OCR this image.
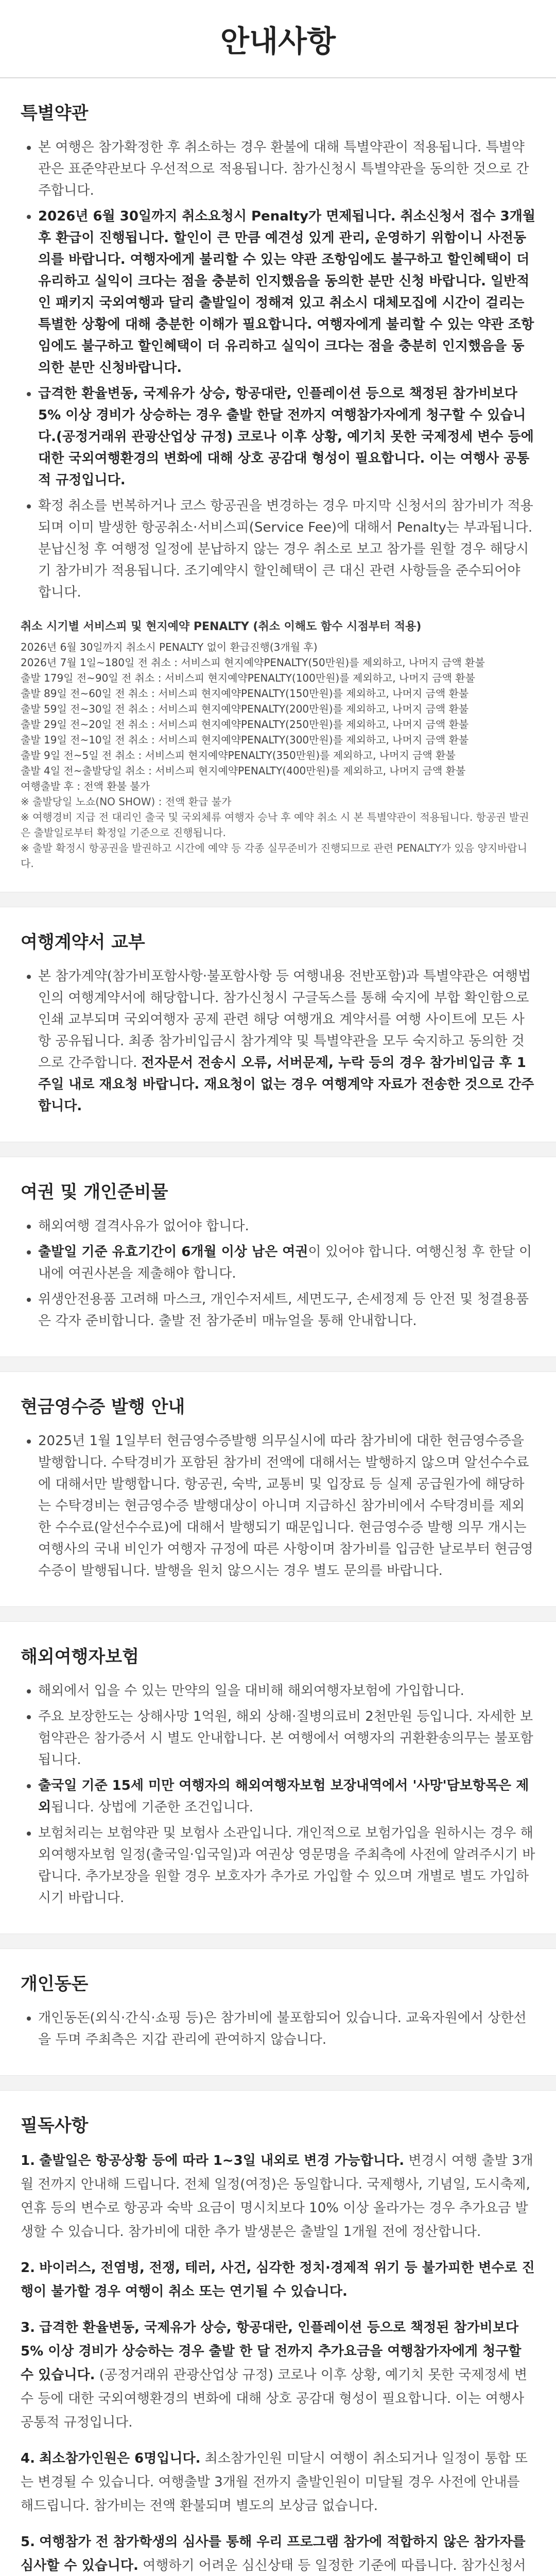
안내사항
특별약관
• 본 여행은 참가확정한 후 취소하는 경우 환불에 대해 특별약관이 적용됩니다. 특별약관은 표준약관보다 우선적으로 적용됩니다. 참가신청시 특별약관을 동의한 것으로 간주합니다.
• 2026년 6월 30일까지 취소요청시 Penalty가 면제됩니다. 취소신청서 접수 3개월 후 환급이 진행됩니다. 할인이 큰 만큼 예견성 있게 관리, 운영하기 위함이니 사전동의를 바랍니다. 여행자에게 불리할 수 있는 약관 조항임에도 불구하고 할인혜택이 더 유리하고 실익이 크다는 점을 충분히 인지했음을 동의한 분만 신청 바랍니다. 일반적인 패키지 국외여행과 달리 출발일이 정해져 있고 취소시 대체모집에 시간이 걸리는 특별한 상황에 대해 충분한 이해가 필요합니다. 여행자에게 불리할 수 있는 약관 조항임에도 불구하고 할인혜택이 더 유리하고 실익이 크다는 점을 충분히 인지했음을 동의한 분만 신청바랍니다.
• 급격한 환율변동, 국제유가 상승, 항공대란, 인플레이션 등으로 책정된 참가비보다 5% 이상 경비가 상승하는 경우 출발 한달 전까지 여행참가자에게 청구할 수 있습니다.(공정거래위 관광산업상 규정) 코로나 이후 상황, 예기치 못한 국제정세 변수 등에 대한 국외여행환경의 변화에 대해 상호 공감대 형성이 필요합니다. 이는 여행사 공통적 규정입니다.
• 확정 취소를 번복하거나 코스 항공권을 변경하는 경우 마지막 신청서의 참가비가 적용되며 이미 발생한 항공취소·서비스피(Service Fee)에 대해서 Penalty는 부과됩니다. 분납신청 후 여행정 일정에 분납하지 않는 경우 취소로 보고 참가를 원할 경우 해당시기 참가비가 적용됩니다. 조기예약시 할인혜택이 큰 대신 관련 사항들을 준수되어야 합니다.
취소 시기별 서비스피 및 현지예약 PENALTY (취소 이해도 함수 시점부터 적용)
2026년 6월 30일까지 취소시 PENALTY 없이 환급진행(3개월 후)
2026년 7월 1일~180일 전 취소 : 서비스피 현지예약PENALTY(50만원)를 제외하고, 나머지 금액 환불
출발 179일 전~90일 전 취소 : 서비스피 현지예약PENALTY(100만원)를 제외하고, 나머지 금액 환불
출발 89일 전~60일 전 취소 : 서비스피 현지예약PENALTY(150만원)를 제외하고, 나머지 금액 환불
출발 59일 전~30일 전 취소 : 서비스피 현지예약PENALTY(200만원)를 제외하고, 나머지 금액 환불
출발 29일 전~20일 전 취소 : 서비스피 현지예약PENALTY(250만원)를 제외하고, 나머지 금액 환불
출발 19일 전~10일 전 취소 : 서비스피 현지예약PENALTY(300만원)를 제외하고, 나머지 금액 환불
출발 9일 전~5일 전 취소 : 서비스피 현지예약PENALTY(350만원)를 제외하고, 나머지 금액 환불
출발 4일 전~출발당일 취소 : 서비스피 현지예약PENALTY(400만원)를 제외하고, 나머지 금액 환불
여행출발 후 : 전액 환불 불가
※ 출발당일 노쇼(NO SHOW) : 전액 환급 불가
※ 여행경비 지급 전 대리인 출국 및 국외체류 여행자 승낙 후 예약 취소 시 본 특별약관이 적용됩니다. 항공권 발권은 출발일로부터 확정일 기준으로 진행됩니다.
※ 출발 확정시 항공권을 발권하고 시간에 예약 등 각종 실무준비가 진행되므로 관련 PENALTY가 있음 양지바랍니다.
여행계약서 교부
• 본 참가계약(참가비포함사항·불포함사항 등 여행내용 전반포함)과 특별약관은 여행법인의 여행계약서에 해당합니다. 참가신청시 구글독스를 통해 숙지에 부합 확인함으로 인쇄 교부되며 국외여행자 공제 관련 해당 여행개요 계약서를 여행 사이트에 모든 사항 공유됩니다. 최종 참가비입금시 참가계약 및 특별약관을 모두 숙지하고 동의한 것으로 간주합니다. 전자문서 전송시 오류, 서버문제, 누락 등의 경우 참가비입금 후 1주일 내로 재요청 바랍니다. 재요청이 없는 경우 여행계약 자료가 전송한 것으로 간주합니다.
여권 및 개인준비물
• 해외여행 결격사유가 없어야 합니다.
• 출발일 기준 유효기간이 6개월 이상 남은 여권이 있어야 합니다. 여행신청 후 한달 이내에 여권사본을 제출해야 합니다.
• 위생안전용품 고려해 마스크, 개인수저세트, 세면도구, 손세정제 등 안전 및 청결용품은 각자 준비합니다. 출발 전 참가준비 매뉴얼을 통해 안내합니다.
현금영수증 발행 안내
• 2025년 1월 1일부터 현금영수증발행 의무실시에 따라 참가비에 대한 현금영수증을 발행합니다. 수탁경비가 포함된 참가비 전액에 대해서는 발행하지 않으며 알선수수료에 대해서만 발행합니다. 항공권, 숙박, 교통비 및 입장료 등 실제 공급원가에 해당하는 수탁경비는 현금영수증 발행대상이 아니며 지급하신 참가비에서 수탁경비를 제외한 수수료(알선수수료)에 대해서 발행되기 때문입니다. 현금영수증 발행 의무 개시는 여행사의 국내 비인가 여행자 규정에 따른 사항이며 참가비를 입금한 날로부터 현금영수증이 발행됩니다. 발행을 원치 않으시는 경우 별도 문의를 바랍니다.
해외여행자보험
• 해외에서 입을 수 있는 만약의 일을 대비해 해외여행자보험에 가입합니다.
• 주요 보장한도는 상해사망 1억원, 해외 상해·질병의료비 2천만원 등입니다. 자세한 보험약관은 참가증서 시 별도 안내합니다. 본 여행에서 여행자의 귀환환송의무는 불포함됩니다.
• 출국일 기준 15세 미만 여행자의 해외여행자보험 보장내역에서 '사망'담보항목은 제외됩니다. 상법에 기준한 조건입니다.
• 보험처리는 보험약관 및 보험사 소관입니다. 개인적으로 보험가입을 원하시는 경우 해외여행자보험 일정(출국일·입국일)과 여권상 영문명을 주최측에 사전에 알려주시기 바랍니다. 추가보장을 원할 경우 보호자가 추가로 가입할 수 있으며 개별로 별도 가입하시기 바랍니다.
개인동돈
• 개인동돈(외식·간식·쇼핑 등)은 참가비에 불포함되어 있습니다. 교육자원에서 상한선을 두며 주최측은 지갑 관리에 관여하지 않습니다.
필독사항
1. 출발일은 항공상황 등에 따라 1~3일 내외로 변경 가능합니다. 변경시 여행 출발 3개월 전까지 안내해 드립니다. 전체 일정(여정)은 동일합니다. 국제행사, 기념일, 도시축제, 연휴 등의 변수로 항공과 숙박 요금이 명시치보다 10% 이상 올라가는 경우 추가요금 발생할 수 있습니다. 참가비에 대한 추가 발생분은 출발일 1개월 전에 정산합니다.
2. 바이러스, 전염병, 전쟁, 테러, 사건, 심각한 정치·경제적 위기 등 불가피한 변수로 진행이 불가할 경우 여행이 취소 또는 연기될 수 있습니다.
3. 급격한 환율변동, 국제유가 상승, 항공대란, 인플레이션 등으로 책정된 참가비보다 5% 이상 경비가 상승하는 경우 출발 한 달 전까지 추가요금을 여행참가자에게 청구할 수 있습니다. (공정거래위 관광산업상 규정) 코로나 이후 상황, 예기치 못한 국제정세 변수 등에 대한 국외여행환경의 변화에 대해 상호 공감대 형성이 필요합니다. 이는 여행사 공통적 규정입니다.
4. 최소참가인원은 6명입니다. 최소참가인원 미달시 여행이 취소되거나 일정이 통합 또는 변경될 수 있습니다. 여행출발 3개월 전까지 출발인원이 미달될 경우 사전에 안내를 해드립니다. 참가비는 전액 환불되며 별도의 보상금 없습니다.
5. 여행참가 전 참가학생의 심사를 통해 우리 프로그램 참가에 적합하지 않은 참가자를 심사할 수 있습니다. 여행하기 어려운 심신상태 등 일정한 기준에 따릅니다. 참가신청서
